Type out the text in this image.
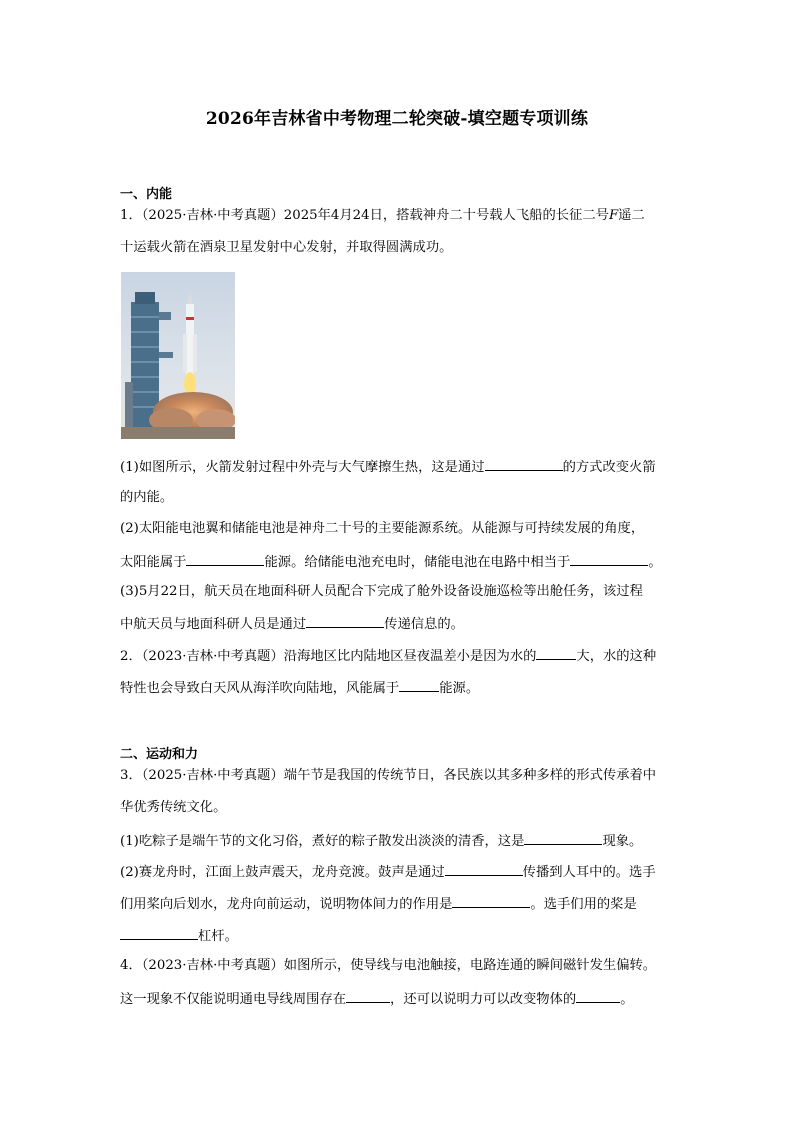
2026年吉林省中考物理二轮突破-填空题专项训练
一、内能
1．（2025·吉林·中考真题）2025年4月24日，搭载神舟二十号载人飞船的长征二号F遥二
十运载火箭在酒泉卫星发射中心发射，并取得圆满成功。
(1)如图所示，火箭发射过程中外壳与大气摩擦生热，这是通过	的方式改变火箭
的内能。
(2)太阳能电池翼和储能电池是神舟二十号的主要能源系统。从能源与可持续发展的角度，
太阳能属于	能源。给储能电池充电时，储能电池在电路中相当于	。
(3)5月22日，航天员在地面科研人员配合下完成了舱外设备设施巡检等出舱任务，该过程
中航天员与地面科研人员是通过	传递信息的。
2．（2023·吉林·中考真题）沿海地区比内陆地区昼夜温差小是因为水的	大，水的这种
特性也会导致白天风从海洋吹向陆地，风能属于	能源。
二、运动和力
3．（2025·吉林·中考真题）端午节是我国的传统节日，各民族以其多种多样的形式传承着中
华优秀传统文化。
(1)吃粽子是端午节的文化习俗，煮好的粽子散发出淡淡的清香，这是	现象。
(2)赛龙舟时，江面上鼓声震天，龙舟竞渡。鼓声是通过	传播到人耳中的。选手
们用桨向后划水，龙舟向前运动，说明物体间力的作用是	。选手们用的桨是
杠杆。
4．（2023·吉林·中考真题）如图所示，使导线与电池触接，电路连通的瞬间磁针发生偏转。
这一现象不仅能说明通电导线周围存在	，还可以说明力可以改变物体的	。
